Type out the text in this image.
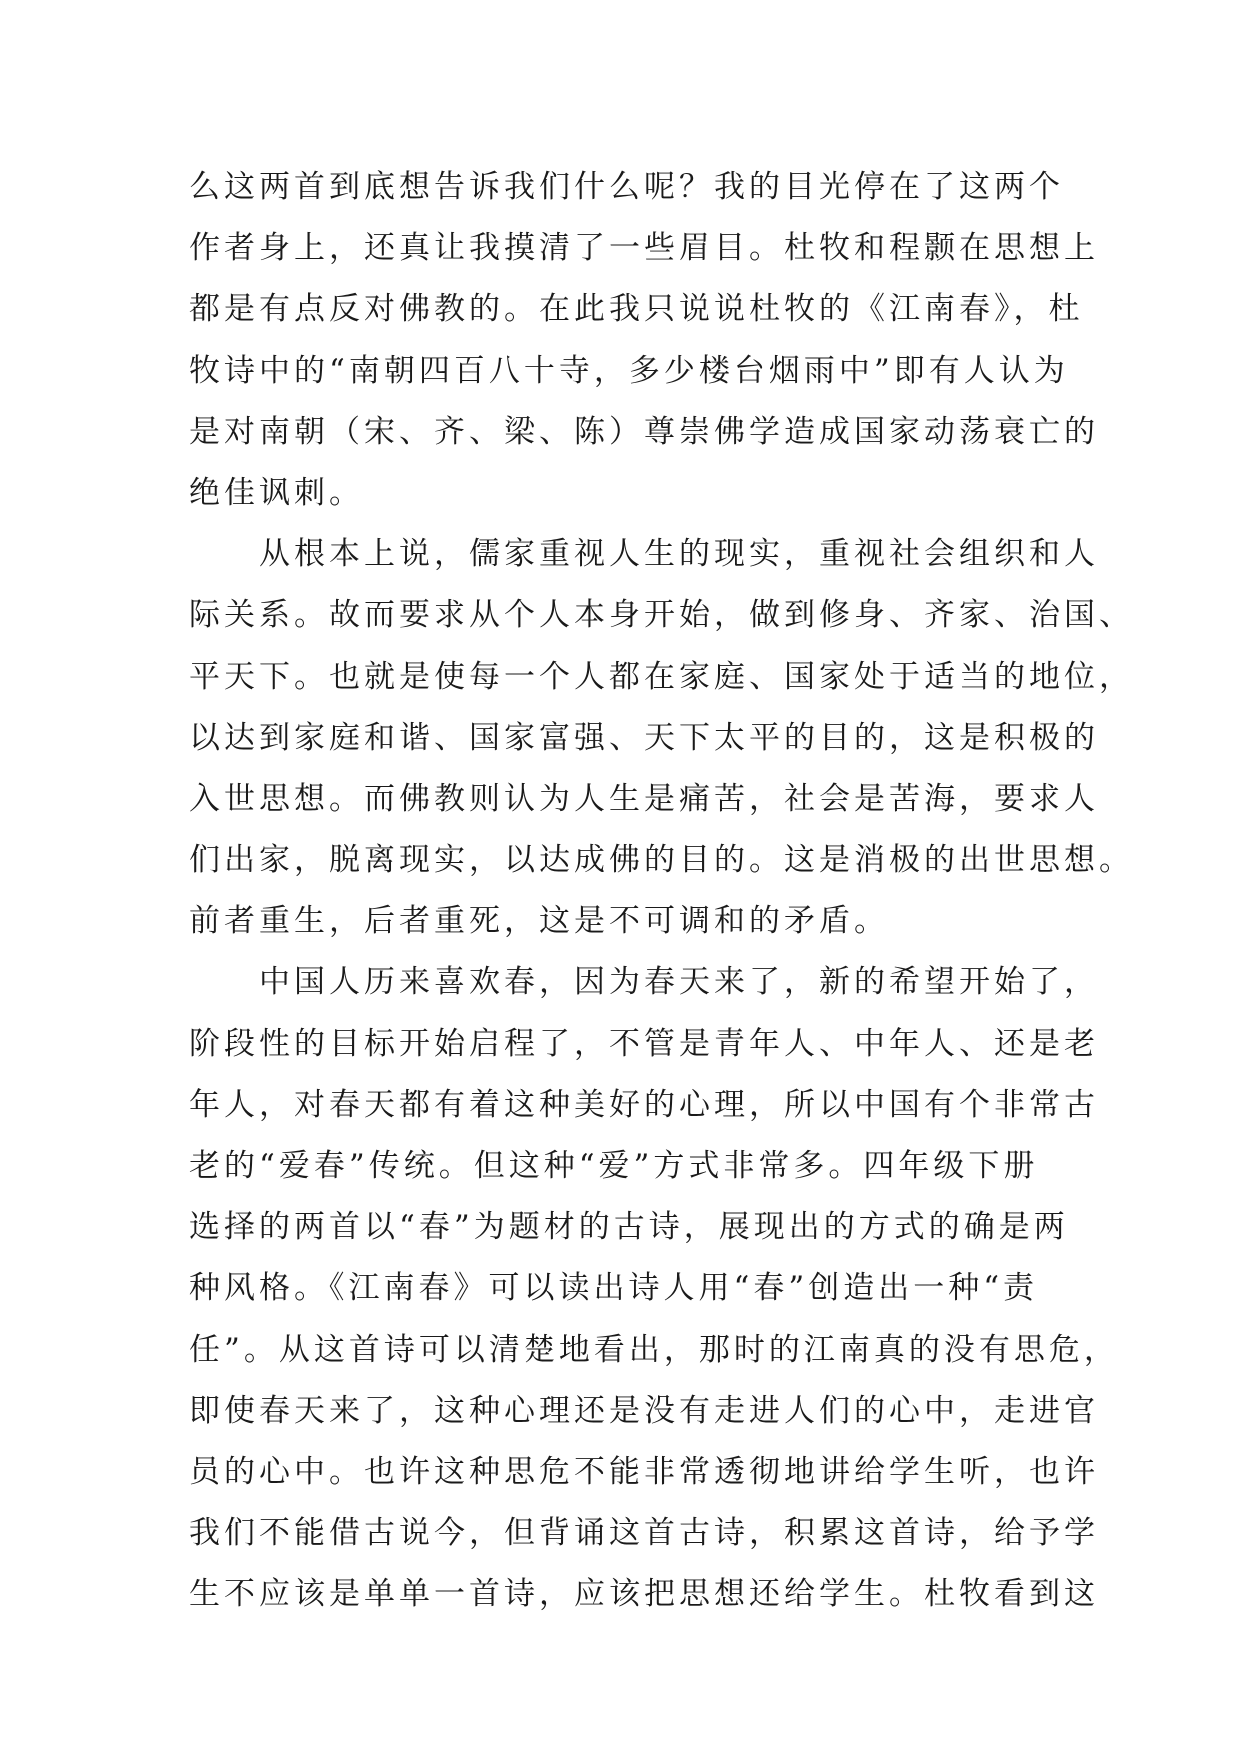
么这两首到底想告诉我们什么呢？我的目光停在了这两个
作者身上，还真让我摸清了一些眉目。杜牧和程颢在思想上
都是有点反对佛教的。在此我只说说杜牧的《江南春》，杜
牧诗中的“南朝四百八十寺，多少楼台烟雨中”即有人认为
是对南朝（宋、齐、梁、陈）尊崇佛学造成国家动荡衰亡的
绝佳讽刺。
　　从根本上说，儒家重视人生的现实，重视社会组织和人
际关系。故而要求从个人本身开始，做到修身、齐家、治国、
平天下。也就是使每一个人都在家庭、国家处于适当的地位，
以达到家庭和谐、国家富强、天下太平的目的，这是积极的
入世思想。而佛教则认为人生是痛苦，社会是苦海，要求人
们出家，脱离现实，以达成佛的目的。这是消极的出世思想。
前者重生，后者重死，这是不可调和的矛盾。
　　中国人历来喜欢春，因为春天来了，新的希望开始了，
阶段性的目标开始启程了，不管是青年人、中年人、还是老
年人，对春天都有着这种美好的心理，所以中国有个非常古
老的“爱春”传统。但这种“爱”方式非常多。四年级下册
选择的两首以“春”为题材的古诗，展现出的方式的确是两
种风格。《江南春》可以读出诗人用“春”创造出一种“责
任”。从这首诗可以清楚地看出，那时的江南真的没有思危，
即使春天来了，这种心理还是没有走进人们的心中，走进官
员的心中。也许这种思危不能非常透彻地讲给学生听，也许
我们不能借古说今，但背诵这首古诗，积累这首诗，给予学
生不应该是单单一首诗，应该把思想还给学生。杜牧看到这
